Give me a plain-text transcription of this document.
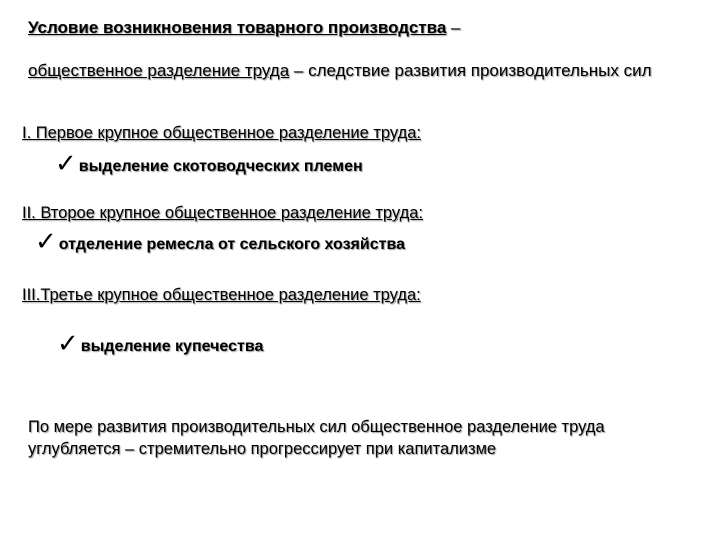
Условие возникновения товарного производства –
общественное разделение труда – следствие развития производительных сил
I. Первое крупное общественное разделение труда:
✓ выделение скотоводческих племен
II. Второе крупное общественное разделение труда:
✓ отделение ремесла от сельского хозяйства
III.Третье крупное общественное разделение труда:
✓ выделение купечества
По мере развития производительных сил общественное разделение труда углубляется – стремительно прогрессирует при капитализме
